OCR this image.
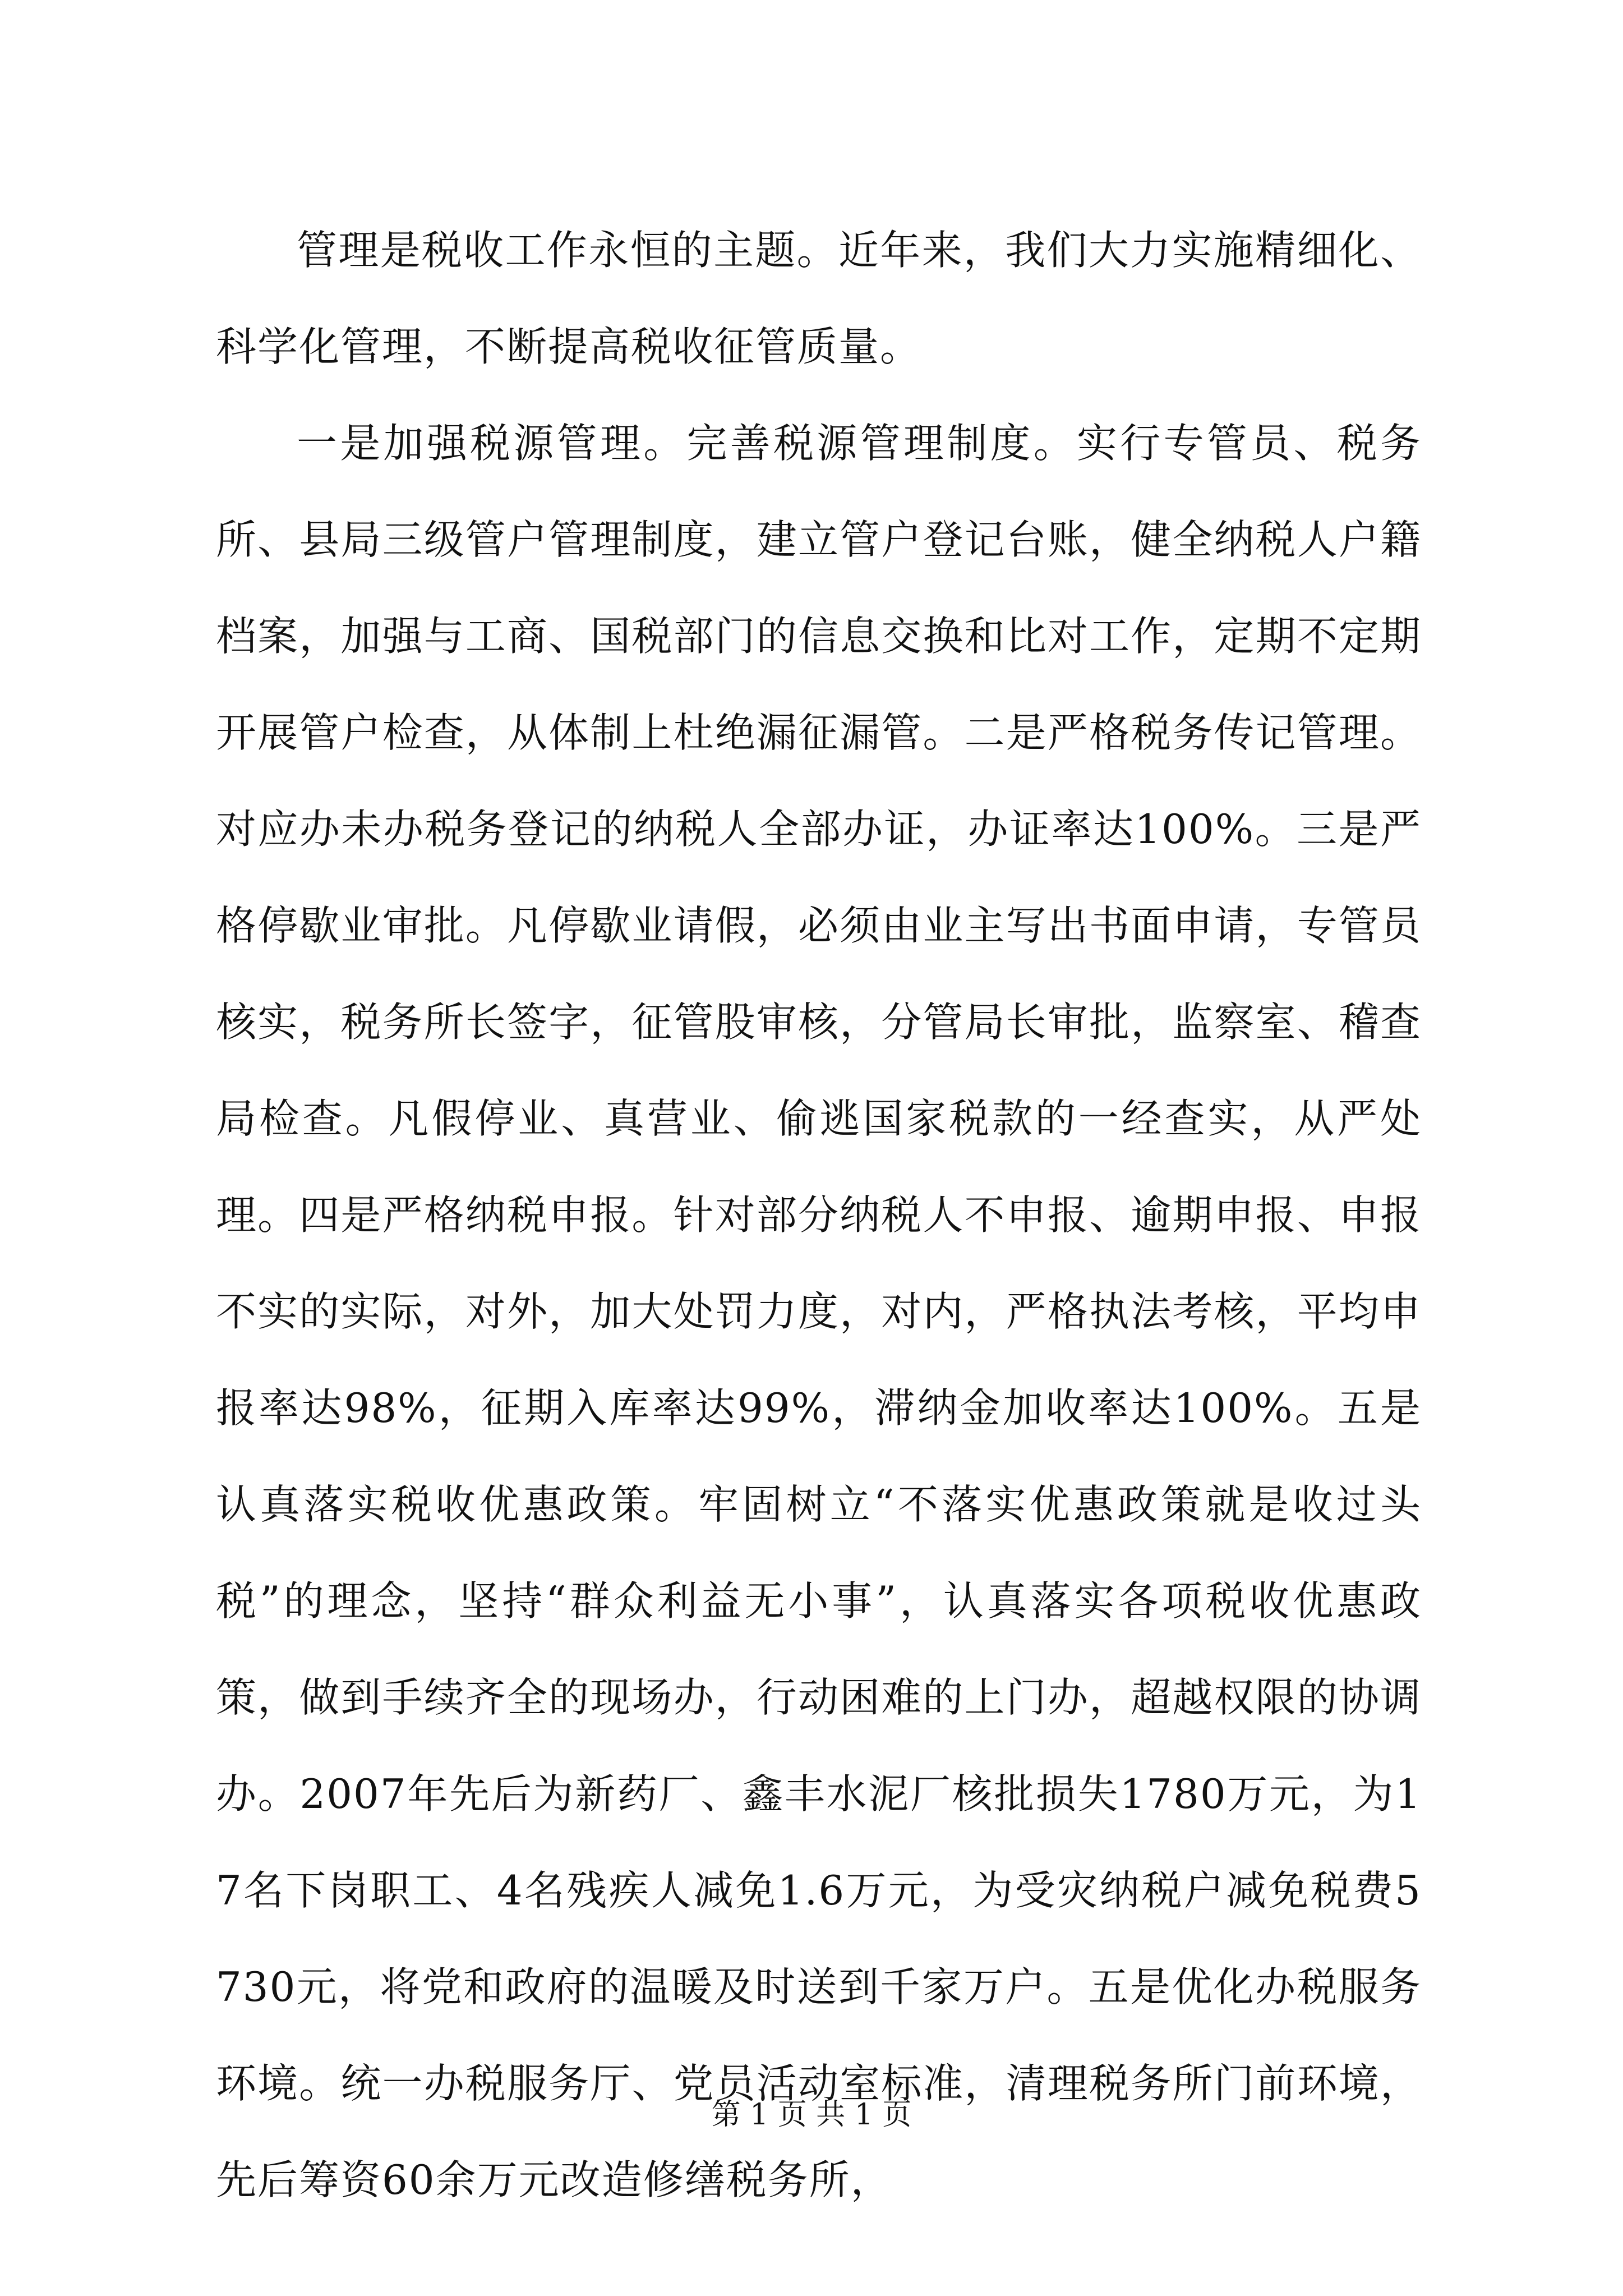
管理是税收工作永恒的主题。近年来，我们大力实施精细化、科学化管理，不断提高税收征管质量。

一是加强税源管理。完善税源管理制度。实行专管员、税务所、县局三级管户管理制度，建立管户登记台账，健全纳税人户籍档案，加强与工商、国税部门的信息交换和比对工作，定期不定期开展管户检查，从体制上杜绝漏征漏管。二是严格税务传记管理。对应办未办税务登记的纳税人全部办证，办证率达100%。三是严格停歇业审批。凡停歇业请假，必须由业主写出书面申请，专管员核实，税务所长签字，征管股审核，分管局长审批，监察室、稽查局检查。凡假停业、真营业、偷逃国家税款的一经查实，从严处理。四是严格纳税申报。针对部分纳税人不申报、逾期申报、申报不实的实际，对外，加大处罚力度，对内，严格执法考核，平均申报率达98%，征期入库率达99%，滞纳金加收率达100%。五是认真落实税收优惠政策。牢固树立“不落实优惠政策就是收过头税”的理念，坚持“群众利益无小事”，认真落实各项税收优惠政策，做到手续齐全的现场办，行动困难的上门办，超越权限的协调办。2007年先后为新药厂、鑫丰水泥厂核批损失1780万元，为17名下岗职工、4名残疾人减免1.6万元，为受灾纳税户减免税费5730元，将党和政府的温暖及时送到千家万户。五是优化办税服务环境。统一办税服务厅、党员活动室标准，清理税务所门前环境，先后筹资60余万元改造修缮税务所，

第 1 页 共 1 页
